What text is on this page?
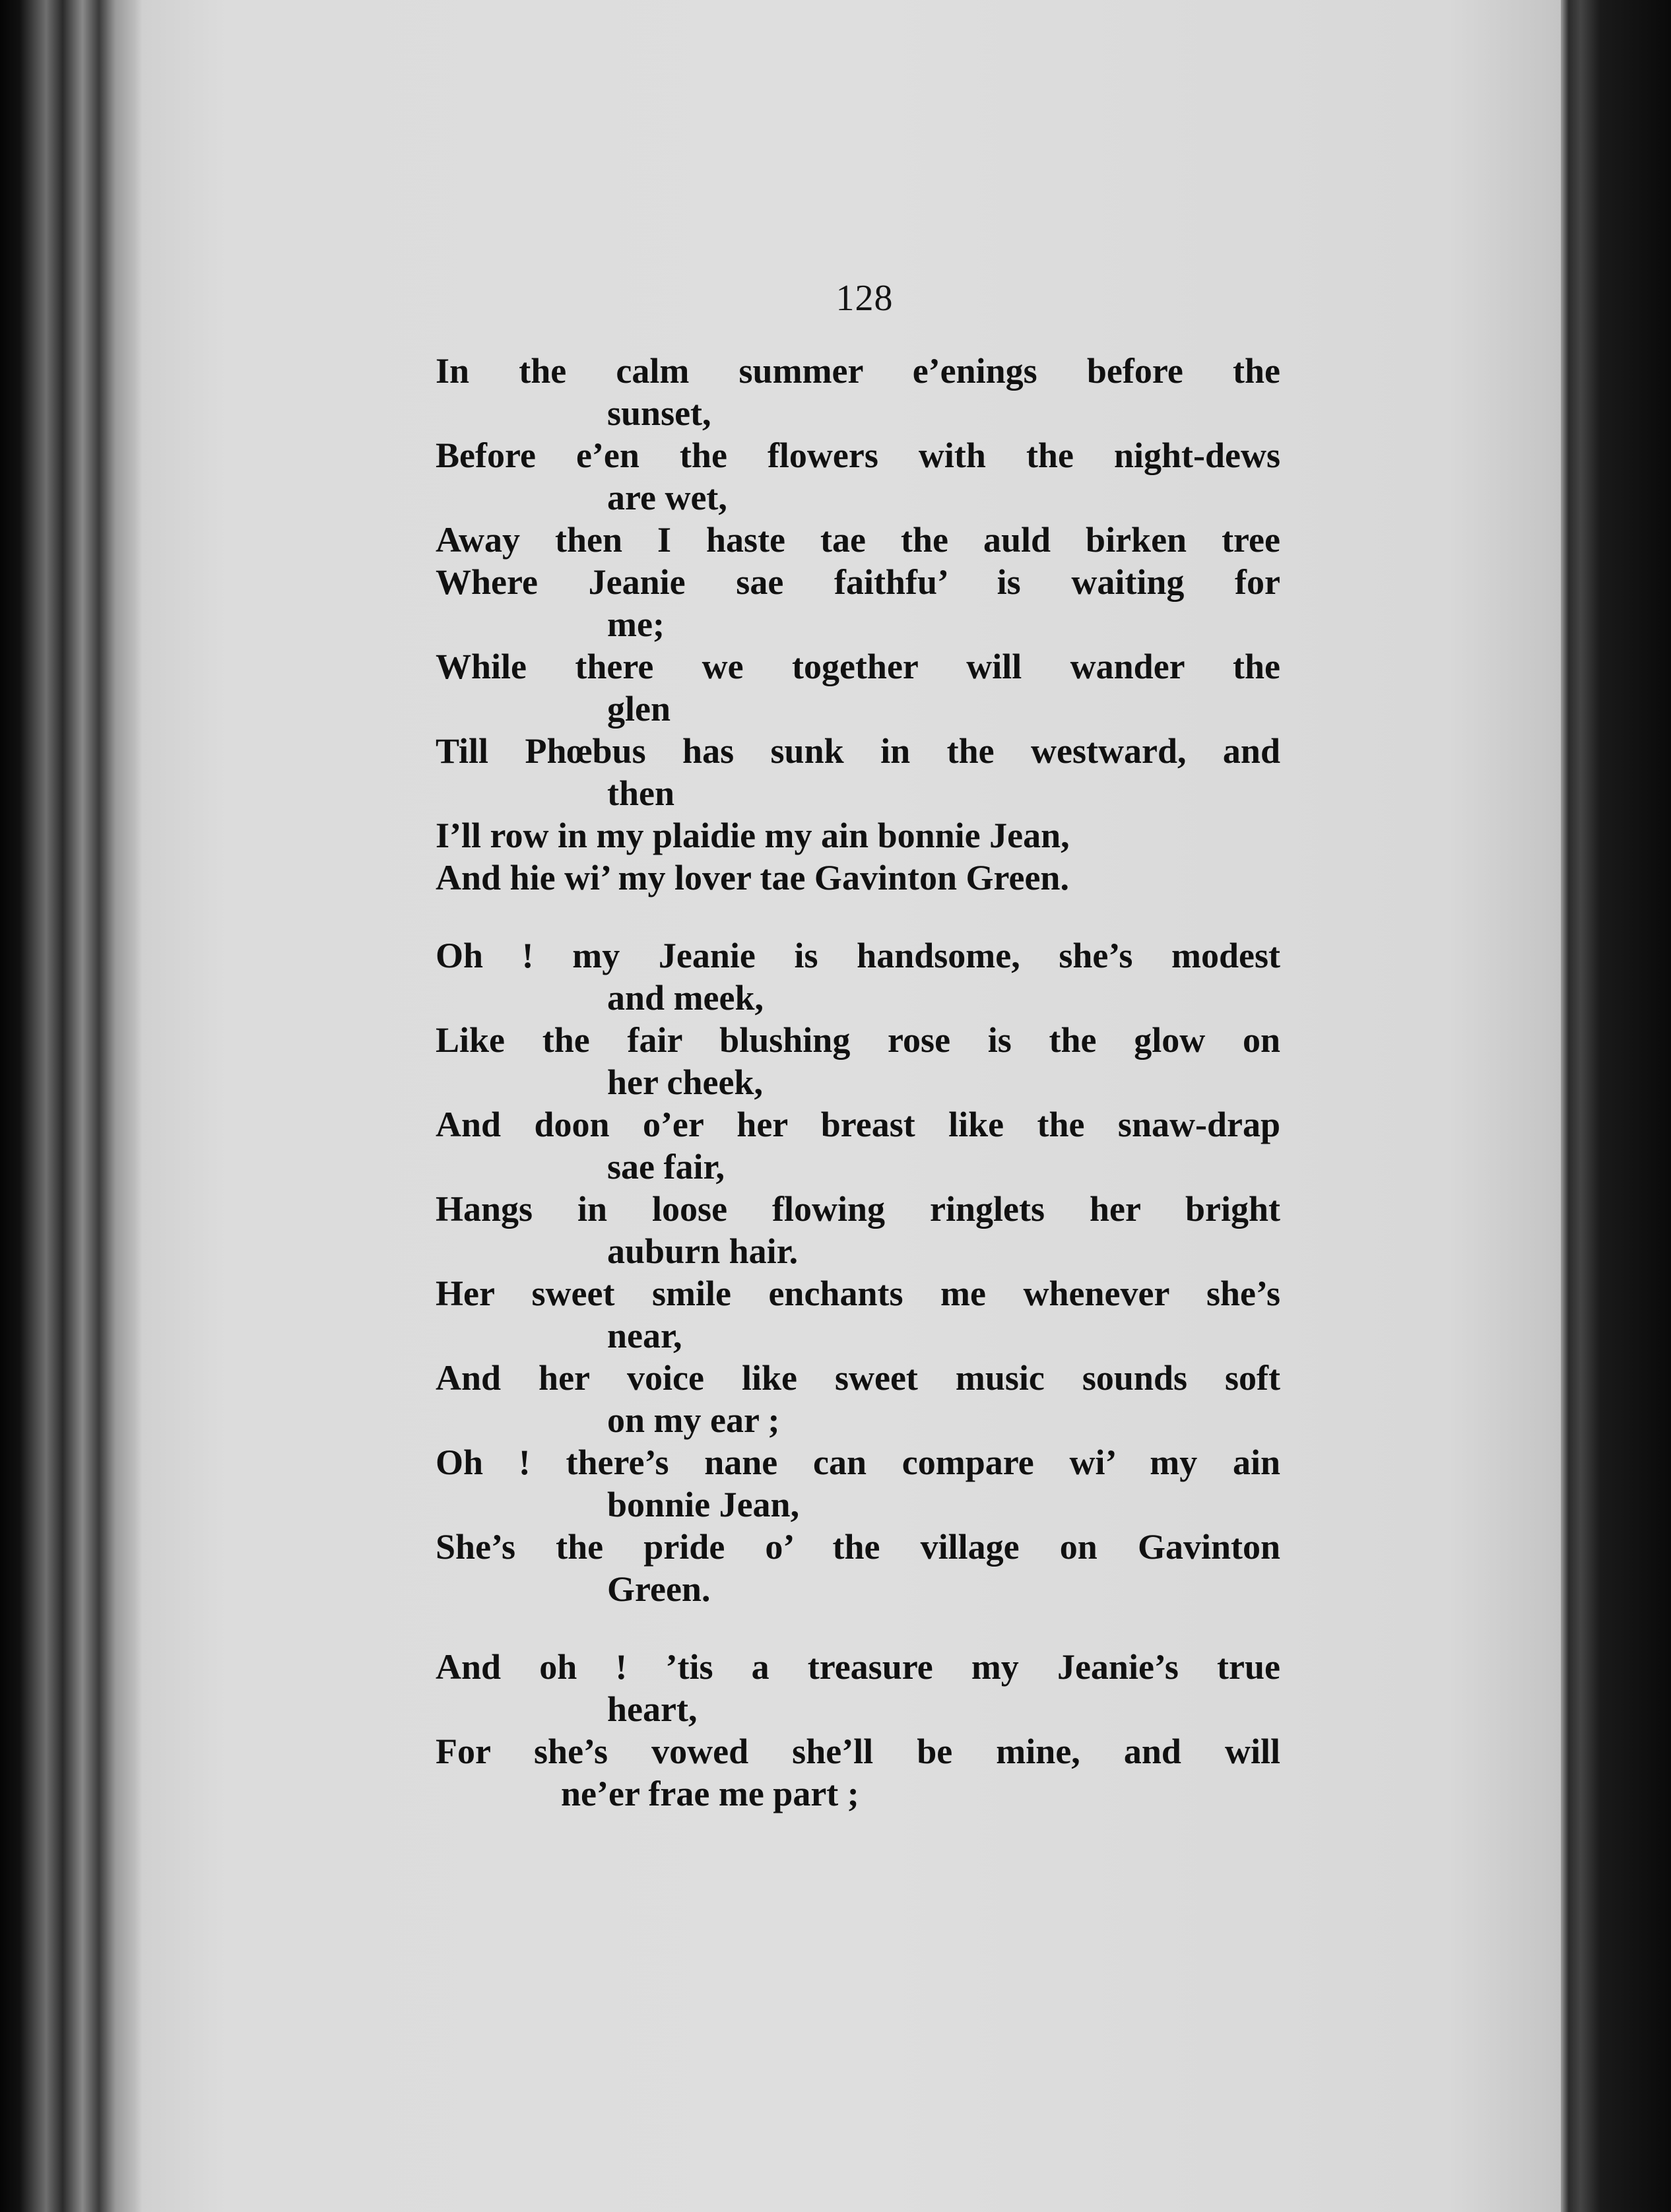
128
In the calm summer e’enings before the
sunset,
Before e’en the flowers with the night-dews
are wet,
Away then I haste tae the auld birken tree
Where Jeanie sae faithfu’ is waiting for
me;
While there we together will wander the
glen
Till Phœbus has sunk in the westward, and
then
I’ll row in my plaidie my ain bonnie Jean,
And hie wi’ my lover tae Gavinton Green.
Oh ! my Jeanie is handsome, she’s modest
and meek,
Like the fair blushing rose is the glow on
her cheek,
And doon o’er her breast like the snaw-drap
sae fair,
Hangs in loose flowing ringlets her bright
auburn hair.
Her sweet smile enchants me whenever she’s
near,
And her voice like sweet music sounds soft
on my ear ;
Oh ! there’s nane can compare wi’ my ain
bonnie Jean,
She’s the pride o’ the village on Gavinton
Green.
And oh ! ’tis a treasure my Jeanie’s true
heart,
For she’s vowed she’ll be mine, and will
ne’er frae me part ;
